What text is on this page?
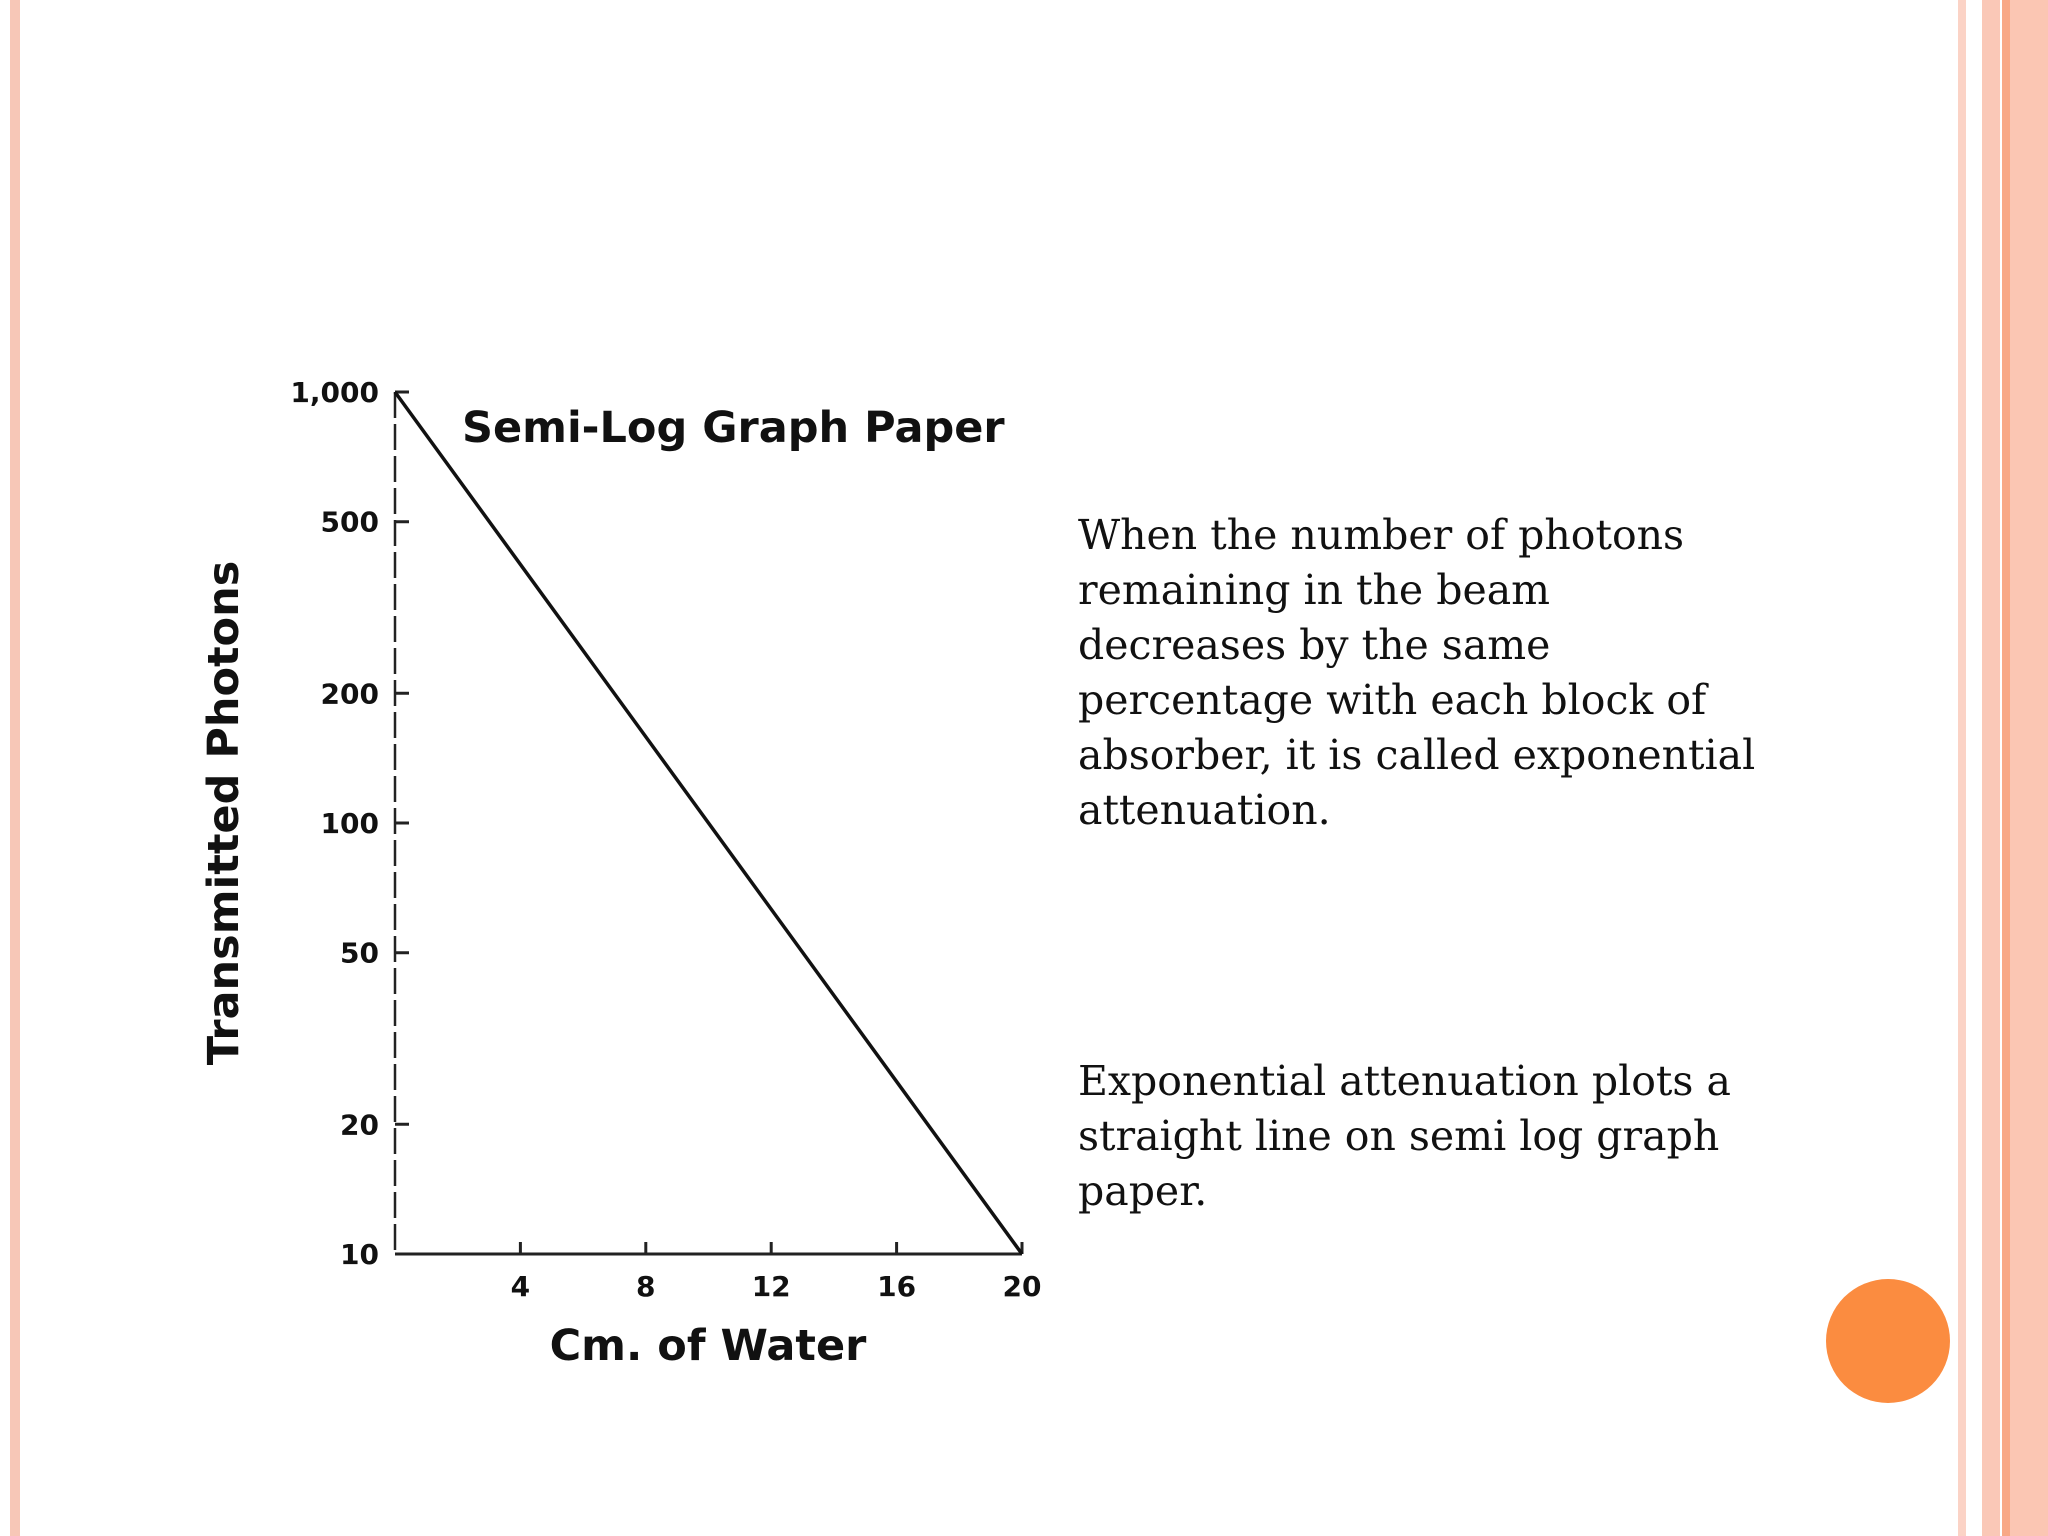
10
20
50
100
200
500
1,000
4	8	12	16	20
Semi-Log Graph Paper
Cm. of Water
Transmitted Photons

When the number of photons remaining in the beam decreases by the same percentage with each block of absorber, it is called exponential attenuation.

Exponential attenuation plots a straight line on semi log graph paper.
